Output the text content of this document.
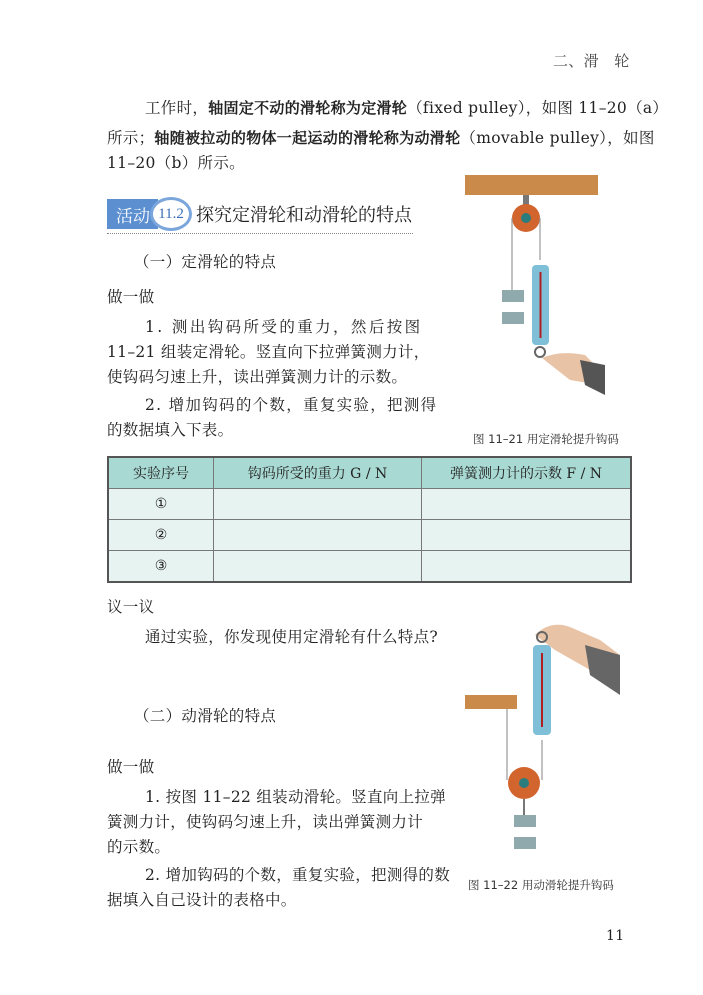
二、滑　轮
工作时，轴固定不动的滑轮称为定滑轮（fixed pulley），如图 11–20（a）
所示；轴随被拉动的物体一起运动的滑轮称为动滑轮（movable pulley），如图
11–20（b）所示。
活动 11.2 探究定滑轮和动滑轮的特点
（一）定滑轮的特点
做一做
1. 测出钩码所受的重力，然后按图
11–21 组装定滑轮。竖直向下拉弹簧测力计，
使钩码匀速上升，读出弹簧测力计的示数。
2. 增加钩码的个数，重复实验，把测得
的数据填入下表。	图 11–21 用定滑轮提升钩码
实验序号	钩码所受的重力 G / N	弹簧测力计的示数 F / N
①		
②		
③		
议一议
通过实验，你发现使用定滑轮有什么特点?
（二）动滑轮的特点
做一做
1. 按图 11–22 组装动滑轮。竖直向上拉弹
簧测力计，使钩码匀速上升，读出弹簧测力计
的示数。
2. 增加钩码的个数，重复实验，把测得的数
据填入自己设计的表格中。
图 11–22 用动滑轮提升钩码
11
